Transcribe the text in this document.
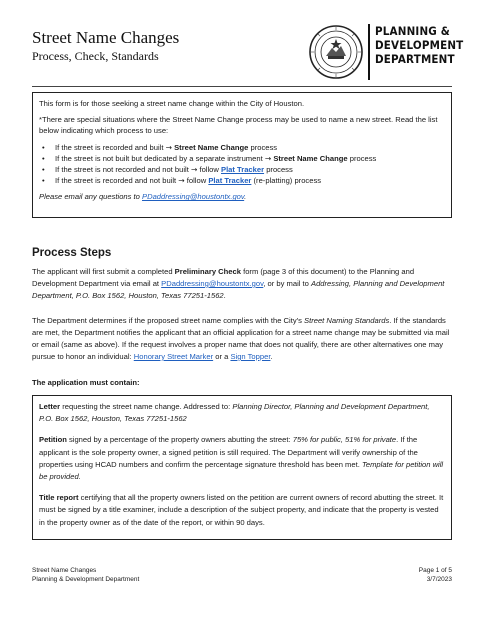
Street Name Changes
Process, Check, Standards
PLANNING &
DEVELOPMENT
DEPARTMENT

This form is for those seeking a street name change within the City of Houston.

*There are special situations where the Street Name Change process may be used to name a new street. Read the list below indicating which process to use:

• If the street is recorded and built → Street Name Change process
• If the street is not built but dedicated by a separate instrument → Street Name Change process
• If the street is not recorded and not built → follow Plat Tracker process
• If the street is recorded and not built → follow Plat Tracker (re-platting) process

Please email any questions to PDaddressing@houstontx.gov.

Process Steps
The applicant will first submit a completed Preliminary Check form (page 3 of this document) to the Planning and Development Department via email at PDaddressing@houstontx.gov, or by mail to Addressing, Planning and Development Department, P.O. Box 1562, Houston, Texas 77251-1562.
The Department determines if the proposed street name complies with the City's Street Naming Standards. If the standards are met, the Department notifies the applicant that an official application for a street name change may be submitted via mail or email (same as above). If the request involves a proper name that does not qualify, there are other alternatives one may pursue to honor an individual: Honorary Street Marker or a Sign Topper.
The application must contain:

Letter requesting the street name change. Addressed to: Planning Director, Planning and Development Department, P.O. Box 1562, Houston, Texas 77251-1562

Petition signed by a percentage of the property owners abutting the street: 75% for public, 51% for private. If the applicant is the sole property owner, a signed petition is still required. The Department will verify ownership of the properties using HCAD numbers and confirm the percentage signature threshold has been met. Template for petition will be provided.

Title report certifying that all the property owners listed on the petition are current owners of record abutting the street. It must be signed by a title examiner, include a description of the subject property, and indicate that the property is vested in the property owner as of the date of the report, or within 90 days.

Street Name Changes
Planning & Development Department
Page 1 of 5
3/7/2023
